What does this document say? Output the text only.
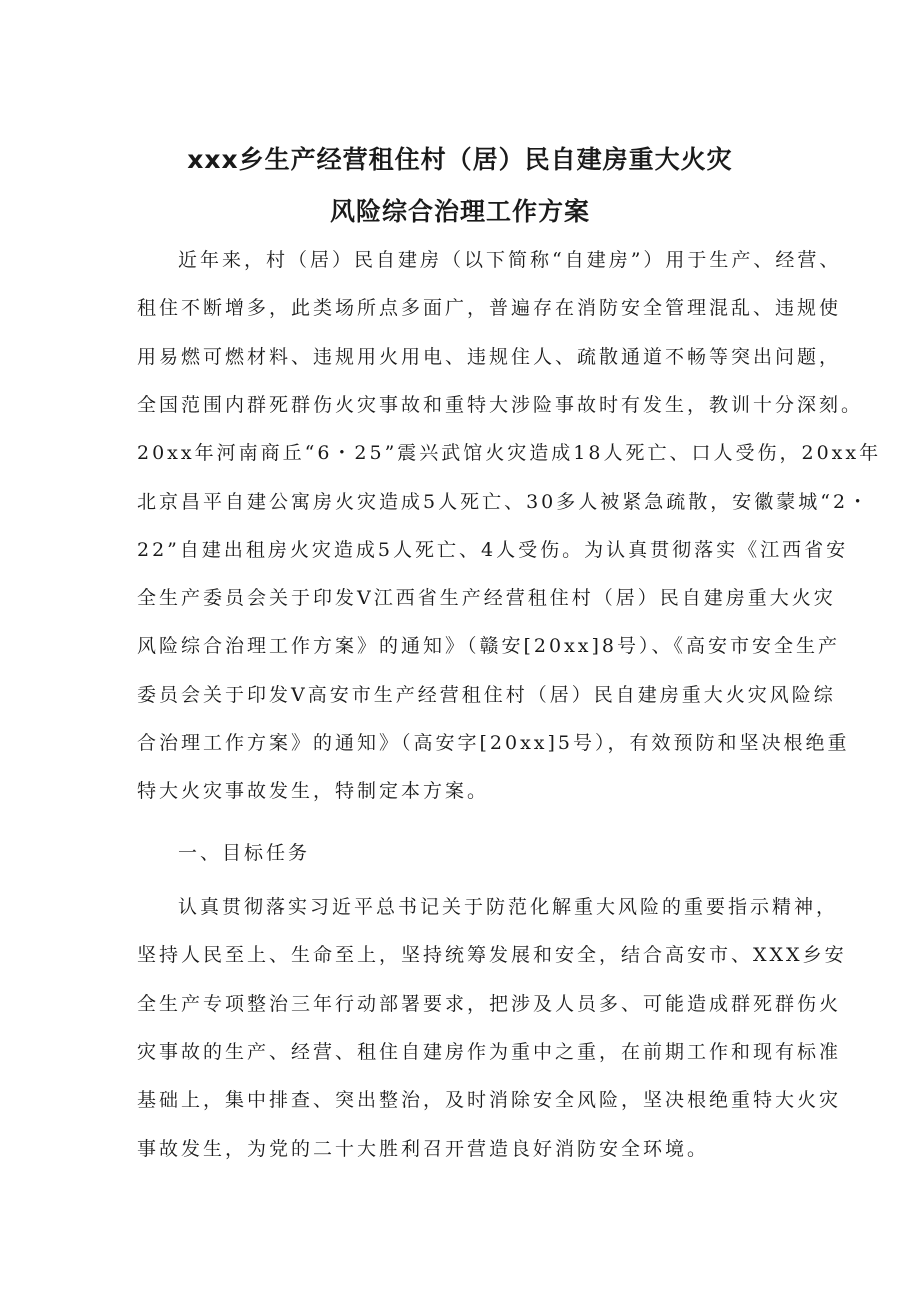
xxx乡生产经营租住村（居）民自建房重大火灾
风险综合治理工作方案
近年来，村（居）民自建房（以下简称“自建房”）用于生产、经营、
租住不断增多，此类场所点多面广，普遍存在消防安全管理混乱、违规使
用易燃可燃材料、违规用火用电、违规住人、疏散通道不畅等突出问题，
全国范围内群死群伤火灾事故和重特大涉险事故时有发生，教训十分深刻。
20xx年河南商丘“6・25”震兴武馆火灾造成18人死亡、口人受伤，20xx年
北京昌平自建公寓房火灾造成5人死亡、30多人被紧急疏散，安徽蒙城“2・
22”自建出租房火灾造成5人死亡、4人受伤。为认真贯彻落实《江西省安
全生产委员会关于印发V江西省生产经营租住村（居）民自建房重大火灾
风险综合治理工作方案》的通知》（赣安[20xx]8号）、《高安市安全生产
委员会关于印发V高安市生产经营租住村（居）民自建房重大火灾风险综
合治理工作方案》的通知》（高安字[20xx]5号），有效预防和坚决根绝重
特大火灾事故发生，特制定本方案。
一、目标任务
认真贯彻落实习近平总书记关于防范化解重大风险的重要指示精神，
坚持人民至上、生命至上，坚持统筹发展和安全，结合高安市、XXX乡安
全生产专项整治三年行动部署要求，把涉及人员多、可能造成群死群伤火
灾事故的生产、经营、租住自建房作为重中之重，在前期工作和现有标准
基础上，集中排查、突出整治，及时消除安全风险，坚决根绝重特大火灾
事故发生，为党的二十大胜利召开营造良好消防安全环境。
